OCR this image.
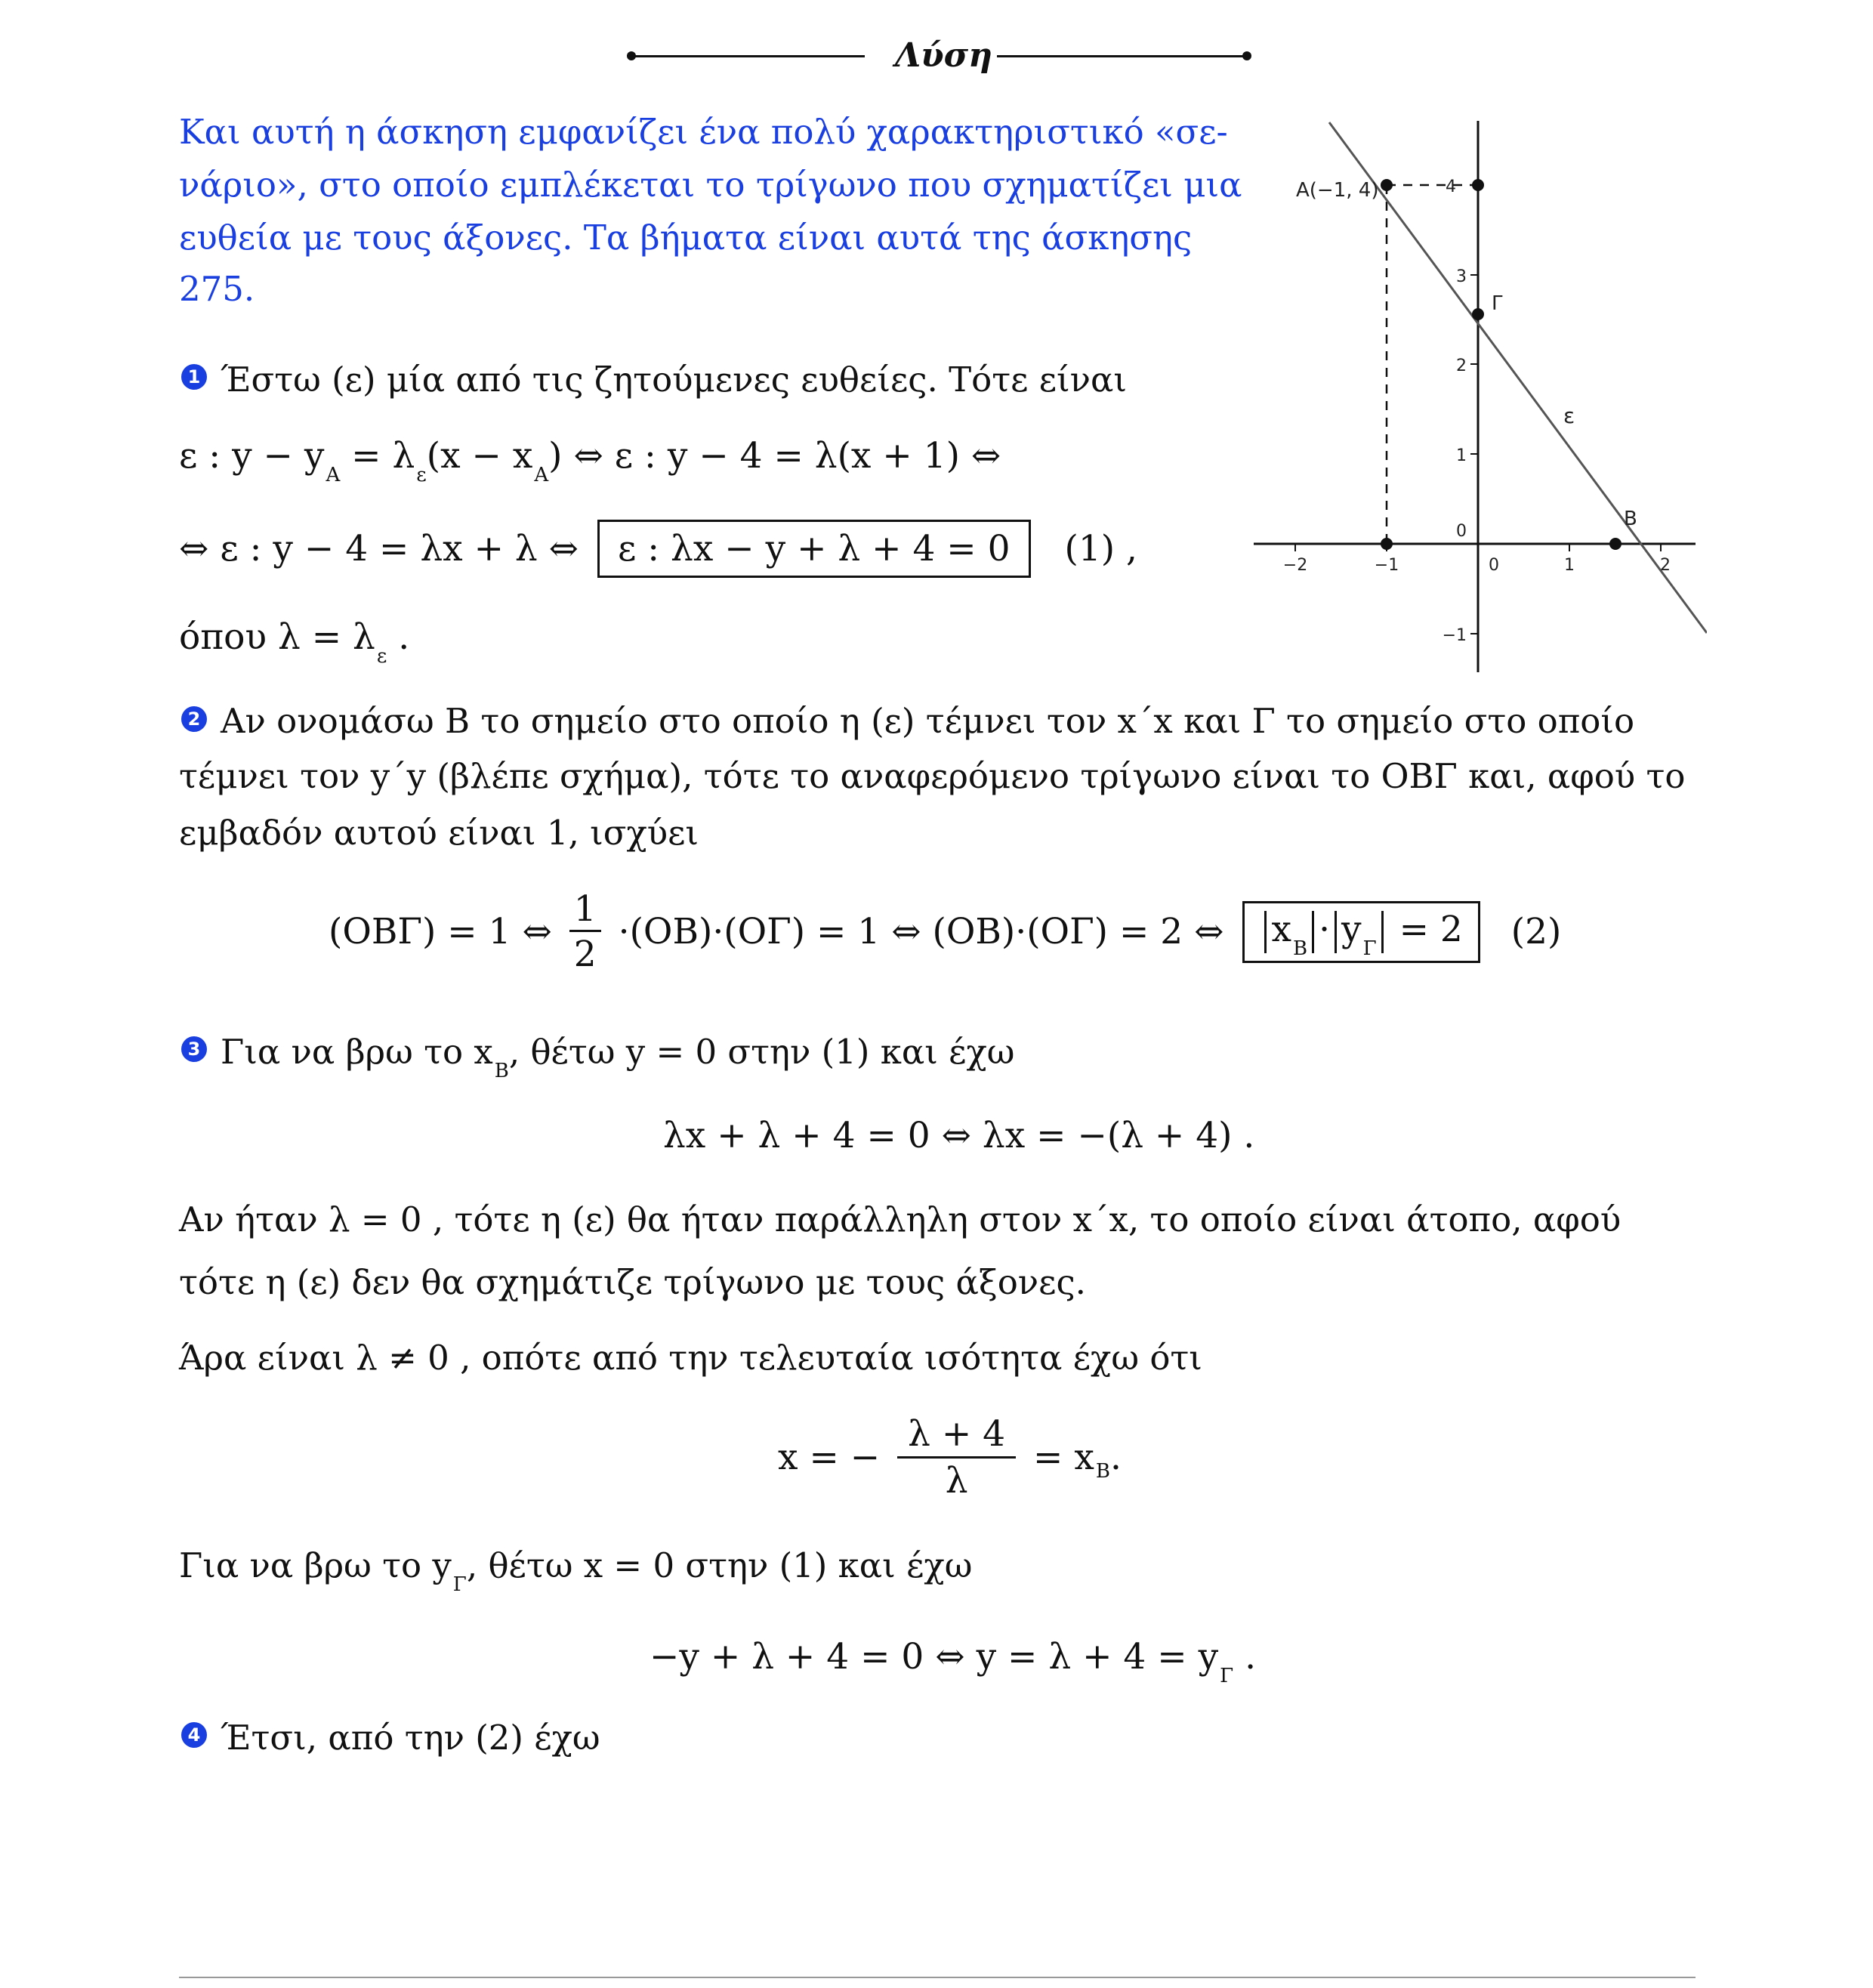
Λύση
Και αυτή η άσκηση εμφανίζει ένα πολύ χαρακτηριστικό «σε-
νάριο», στο οποίο εμπλέκεται το τρίγωνο που σχηματίζει μια
ευθεία με τους άξονες. Τα βήματα είναι αυτά της άσκησης
275.
A(−1, 4)
Γ
B
ε
4
3
2
1
0
−1
−2	−1	0	1	2
1 Έστω (ε) μία από τις ζητούμενες ευθείες. Τότε είναι
ε : $y - y_A = \lambda_\varepsilon(x - x_A)$ ⇔ ε : y − 4 = λ(x + 1) ⇔
⇔ ε : y − 4 = λx + λ ⇔ ε : λx − y + λ + 4 = 0 (1) ,
όπου $\lambda = \lambda_\varepsilon$ .
2 Αν ονομάσω Β το σημείο στο οποίο η (ε) τέμνει τον x΄x και Γ το σημείο στο οποίο
τέμνει τον y΄y (βλέπε σχήμα), τότε το αναφερόμενο τρίγωνο είναι το ΟΒΓ και, αφού το
εμβαδόν αυτού είναι 1, ισχύει
(ΟΒΓ) = 1 ⇔ $\frac{1}{2} \cdot(OB)\cdot(O\Gamma) = 1$ ⇔ (ΟΒ)·(ΟΓ) = 2 ⇔ $x_B \cdot y_\Gamma = 2$ (2)
3 Για να βρω το $x_B$, θέτω y = 0 στην (1) και έχω
λx + λ + 4 = 0 ⇔ λx = −(λ + 4) .
Αν ήταν λ = 0 , τότε η (ε) θα ήταν παράλληλη στον x΄x, το οποίο είναι άτοπο, αφού
τότε η (ε) δεν θα σχημάτιζε τρίγωνο με τους άξονες.
Άρα είναι λ ≠ 0 , οπότε από την τελευταία ισότητα έχω ότι
x = − $\frac{\lambda + 4}{\lambda} = x_B$.
Για να βρω το $y_\Gamma$, θέτω x = 0 στην (1) και έχω
−y + λ + 4 = 0 ⇔ $y = \lambda + 4 = y_\Gamma$ .
4 Έτσι, από την (2) έχω
